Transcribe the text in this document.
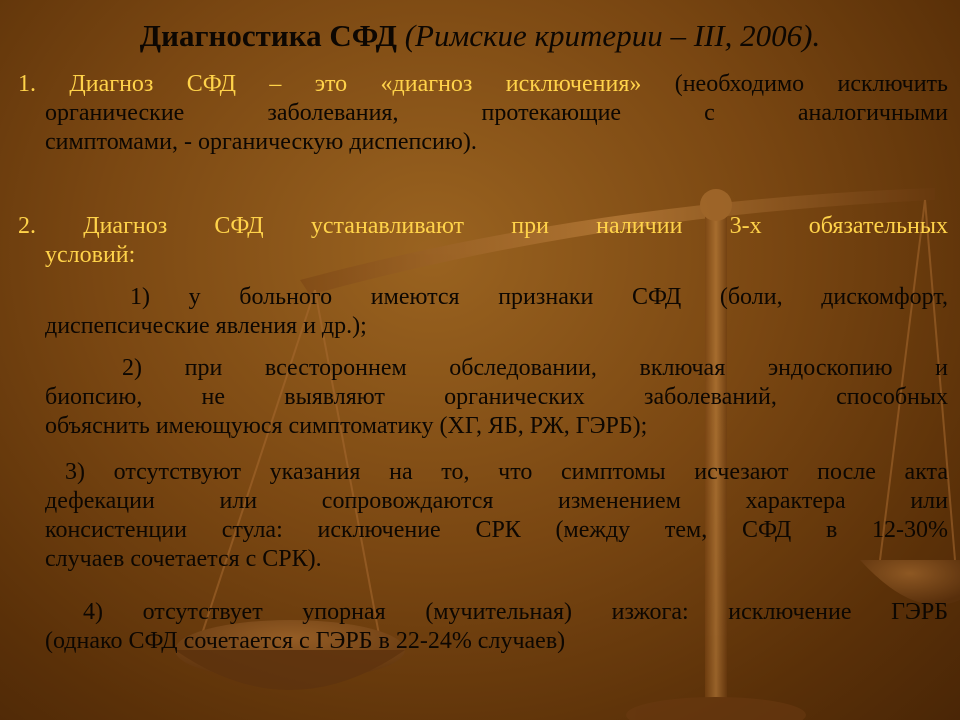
Диагностика СФД (Римские критерии – III, 2006).
1. Диагноз СФД – это «диагноз исключения» (необходимо исключить
органические заболевания, протекающие с аналогичными
симптомами, - органическую диспепсию).
2. Диагноз СФД устанавливают при наличии 3-х обязательных
условий:
1) у больного имеются признаки СФД (боли, дискомфорт,
диспепсические явления и др.);
2) при всестороннем обследовании, включая эндоскопию и
биопсию, не выявляют органических заболеваний, способных
объяснить имеющуюся симптоматику (ХГ, ЯБ, РЖ, ГЭРБ);
3) отсутствуют указания на то, что симптомы исчезают после акта
дефекации или сопровождаются изменением характера или
консистенции стула: исключение СРК (между тем, СФД в 12-30%
случаев сочетается с СРК).
4) отсутствует упорная (мучительная) изжога: исключение ГЭРБ
(однако СФД сочетается с ГЭРБ в 22-24% случаев)
